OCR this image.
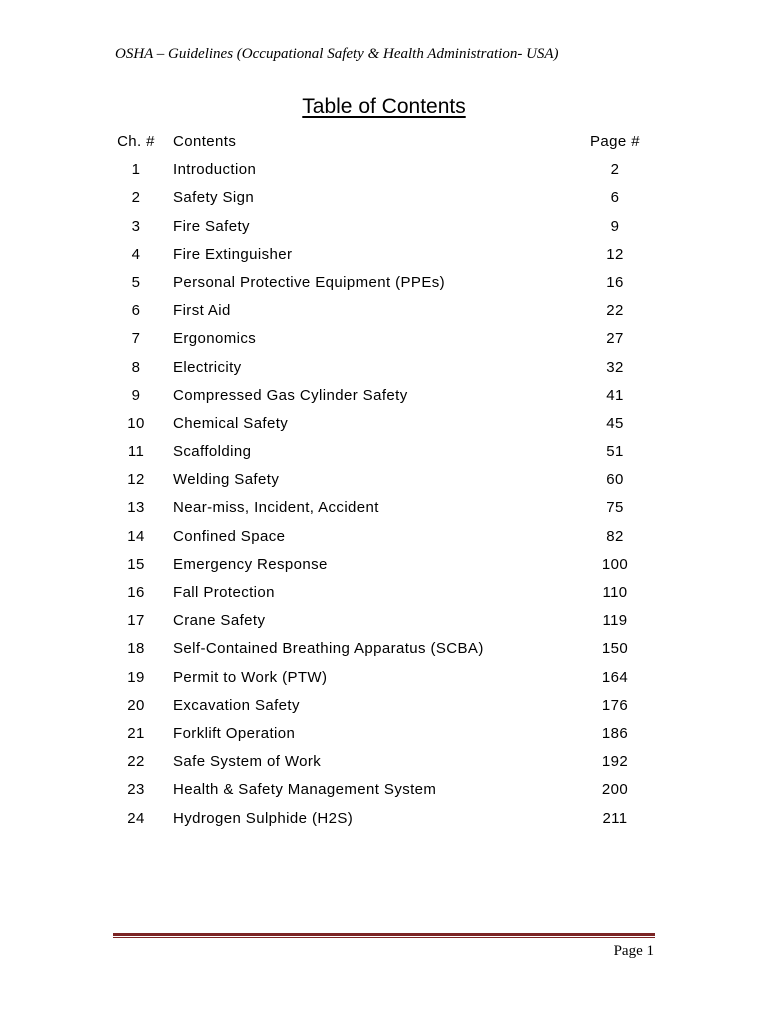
OSHA – Guidelines (Occupational Safety & Health Administration- USA)
Table of Contents
Ch. #	Contents	Page #
1	Introduction	2
2	Safety Sign	6
3	Fire Safety	9
4	Fire Extinguisher	12
5	Personal Protective Equipment (PPEs)	16
6	First Aid	22
7	Ergonomics	27
8	Electricity	32
9	Compressed Gas Cylinder Safety	41
10	Chemical Safety	45
11	Scaffolding	51
12	Welding Safety	60
13	Near-miss, Incident, Accident	75
14	Confined Space	82
15	Emergency Response	100
16	Fall Protection	110
17	Crane Safety	119
18	Self-Contained Breathing Apparatus (SCBA)	150
19	Permit to Work (PTW)	164
20	Excavation Safety	176
21	Forklift Operation	186
22	Safe System of Work	192
23	Health & Safety Management System	200
24	Hydrogen Sulphide (H2S)	211
Page 1
